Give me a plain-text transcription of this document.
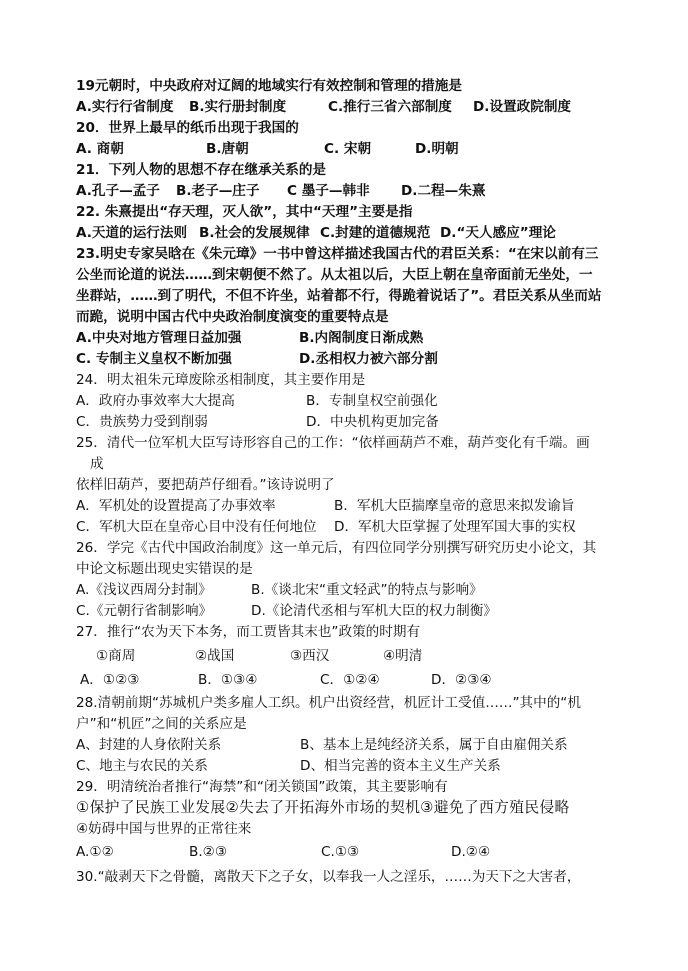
19元朝时，中央政府对辽阔的地域实行有效控制和管理的措施是
A.实行行省制度 B.实行册封制度	C.推行三省六部制度 D.设置政院制度
20．世界上最早的纸币出现于我国的
A. 商朝	B.唐朝	C. 宋朝	D.明朝
21．下列人物的思想不存在继承关系的是
A.孔子—孟子 B.老子—庄子 C 墨子—韩非 D.二程—朱熹
22. 朱熹提出“存天理，灭人欲”，其中“天理”主要是指
A.天道的运行法则 B.社会的发展规律 C.封建的道德规范 D.“天人感应”理论
23.明史专家吴晗在《朱元璋》一书中曾这样描述我国古代的君臣关系：“在宋以前有三
公坐而论道的说法……到宋朝便不然了。从太祖以后，大臣上朝在皇帝面前无坐处，一
坐群站，……到了明代，不但不许坐，站着都不行，得跪着说话了”。君臣关系从坐而站
而跪，说明中国古代中央政治制度演变的重要特点是
A.中央对地方管理日益加强	B.内阁制度日渐成熟
C. 专制主义皇权不断加强	D.丞相权力被六部分割
24．明太祖朱元璋废除丞相制度，其主要作用是
A．政府办事效率大大提高	B．专制皇权空前强化
C．贵族势力受到削弱	D．中央机构更加完备
25．清代一位军机大臣写诗形容自己的工作：“依样画葫芦不难，葫芦变化有千端。画
成
依样旧葫芦，要把葫芦仔细看。”该诗说明了
A．军机处的设置提高了办事效率	B．军机大臣揣摩皇帝的意思来拟发谕旨
C．军机大臣在皇帝心目中没有任何地位 D．军机大臣掌握了处理军国大事的实权
26．学完《古代中国政治制度》这一单元后，有四位同学分别撰写研究历史小论文，其
中论文标题出现史实错误的是
A.《浅议西周分封制》	B.《谈北宋“重文轻武”的特点与影响》
C.《元朝行省制影响》	D.《论清代丞相与军机大臣的权力制衡》
27．推行“农为天下本务，而工贾皆其末也”政策的时期有
①商周	②战国	③西汉	④明清
A．①②③	B．①③④	C．①②④	D．②③④
28.清朝前期“苏城机户类多雇人工织。机户出资经营，机匠计工受值……”其中的“机
户”和“机匠”之间的关系应是
A、封建的人身依附关系	B、基本上是纯经济关系，属于自由雇佣关系
C、地主与农民的关系	D、相当完善的资本主义生产关系
29．明清统治者推行“海禁”和“闭关锁国”政策，其主要影响有
①保护了民族工业发展②失去了开拓海外市场的契机③避免了西方殖民侵略
④妨碍中国与世界的正常往来
A.①②	B.②③	C.①③	D.②④
30.“敲剥天下之骨髓，离散天下之子女，以奉我一人之淫乐，……为天下之大害者，
